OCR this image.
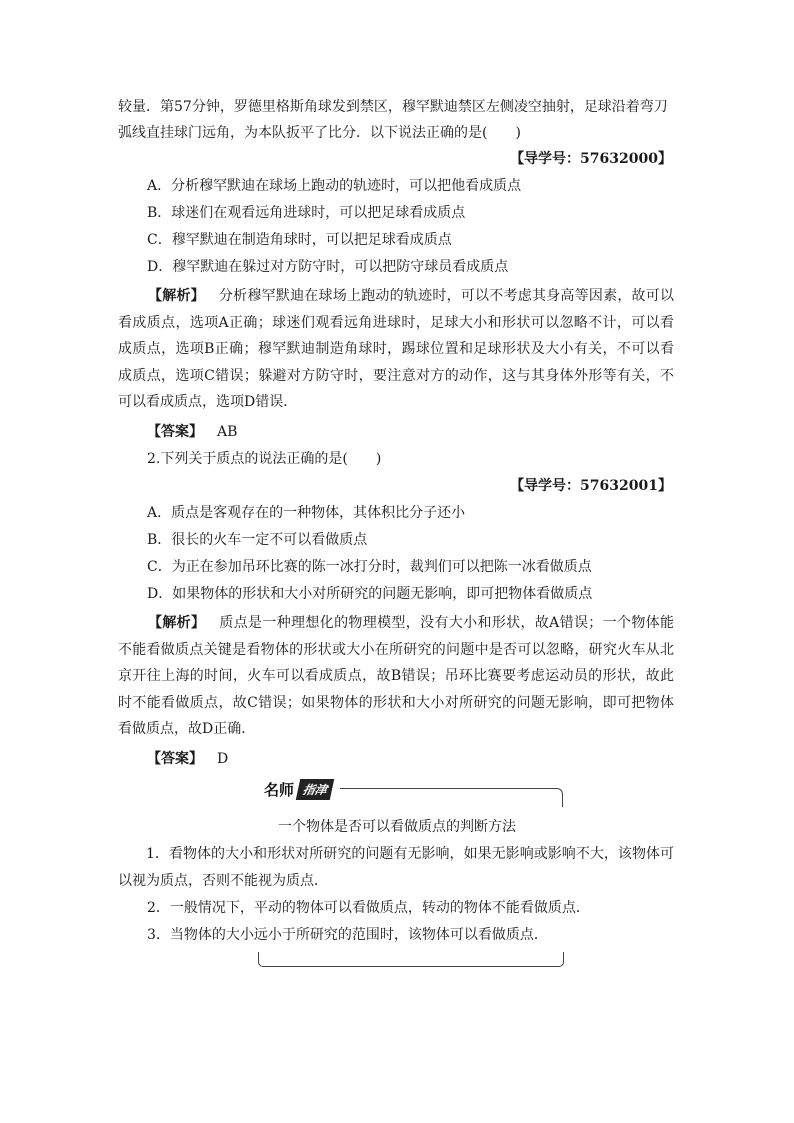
较量．第57分钟，罗德里格斯角球发到禁区，穆罕默迪禁区左侧凌空抽射，足球沿着弯刀
弧线直挂球门远角，为本队扳平了比分．以下说法正确的是(　　)
【导学号：57632000】
A．分析穆罕默迪在球场上跑动的轨迹时，可以把他看成质点
B．球迷们在观看远角进球时，可以把足球看成质点
C．穆罕默迪在制造角球时，可以把足球看成质点
D．穆罕默迪在躲过对方防守时，可以把防守球员看成质点
【解析】 分析穆罕默迪在球场上跑动的轨迹时，可以不考虑其身高等因素，故可以看成质点，选项A正确；球迷们观看远角进球时，足球大小和形状可以忽略不计，可以看成质点，选项B正确；穆罕默迪制造角球时，踢球位置和足球形状及大小有关，不可以看成质点，选项C错误；躲避对方防守时，要注意对方的动作，这与其身体外形等有关，不可以看成质点，选项D错误．
【答案】 AB
2.下列关于质点的说法正确的是(　　)
【导学号：57632001】
A．质点是客观存在的一种物体，其体积比分子还小
B．很长的火车一定不可以看做质点
C．为正在参加吊环比赛的陈一冰打分时，裁判们可以把陈一冰看做质点
D．如果物体的形状和大小对所研究的问题无影响，即可把物体看做质点
【解析】 质点是一种理想化的物理模型，没有大小和形状，故A错误；一个物体能不能看做质点关键是看物体的形状或大小在所研究的问题中是否可以忽略，研究火车从北京开往上海的时间，火车可以看成质点，故B错误；吊环比赛要考虑运动员的形状，故此时不能看做质点，故C错误；如果物体的形状和大小对所研究的问题无影响，即可把物体看做质点，故D正确．
【答案】 D
名师 指津
一个物体是否可以看做质点的判断方法
1．看物体的大小和形状对所研究的问题有无影响，如果无影响或影响不大，该物体可以视为质点，否则不能视为质点．
2．一般情况下，平动的物体可以看做质点，转动的物体不能看做质点．
3．当物体的大小远小于所研究的范围时，该物体可以看做质点．
